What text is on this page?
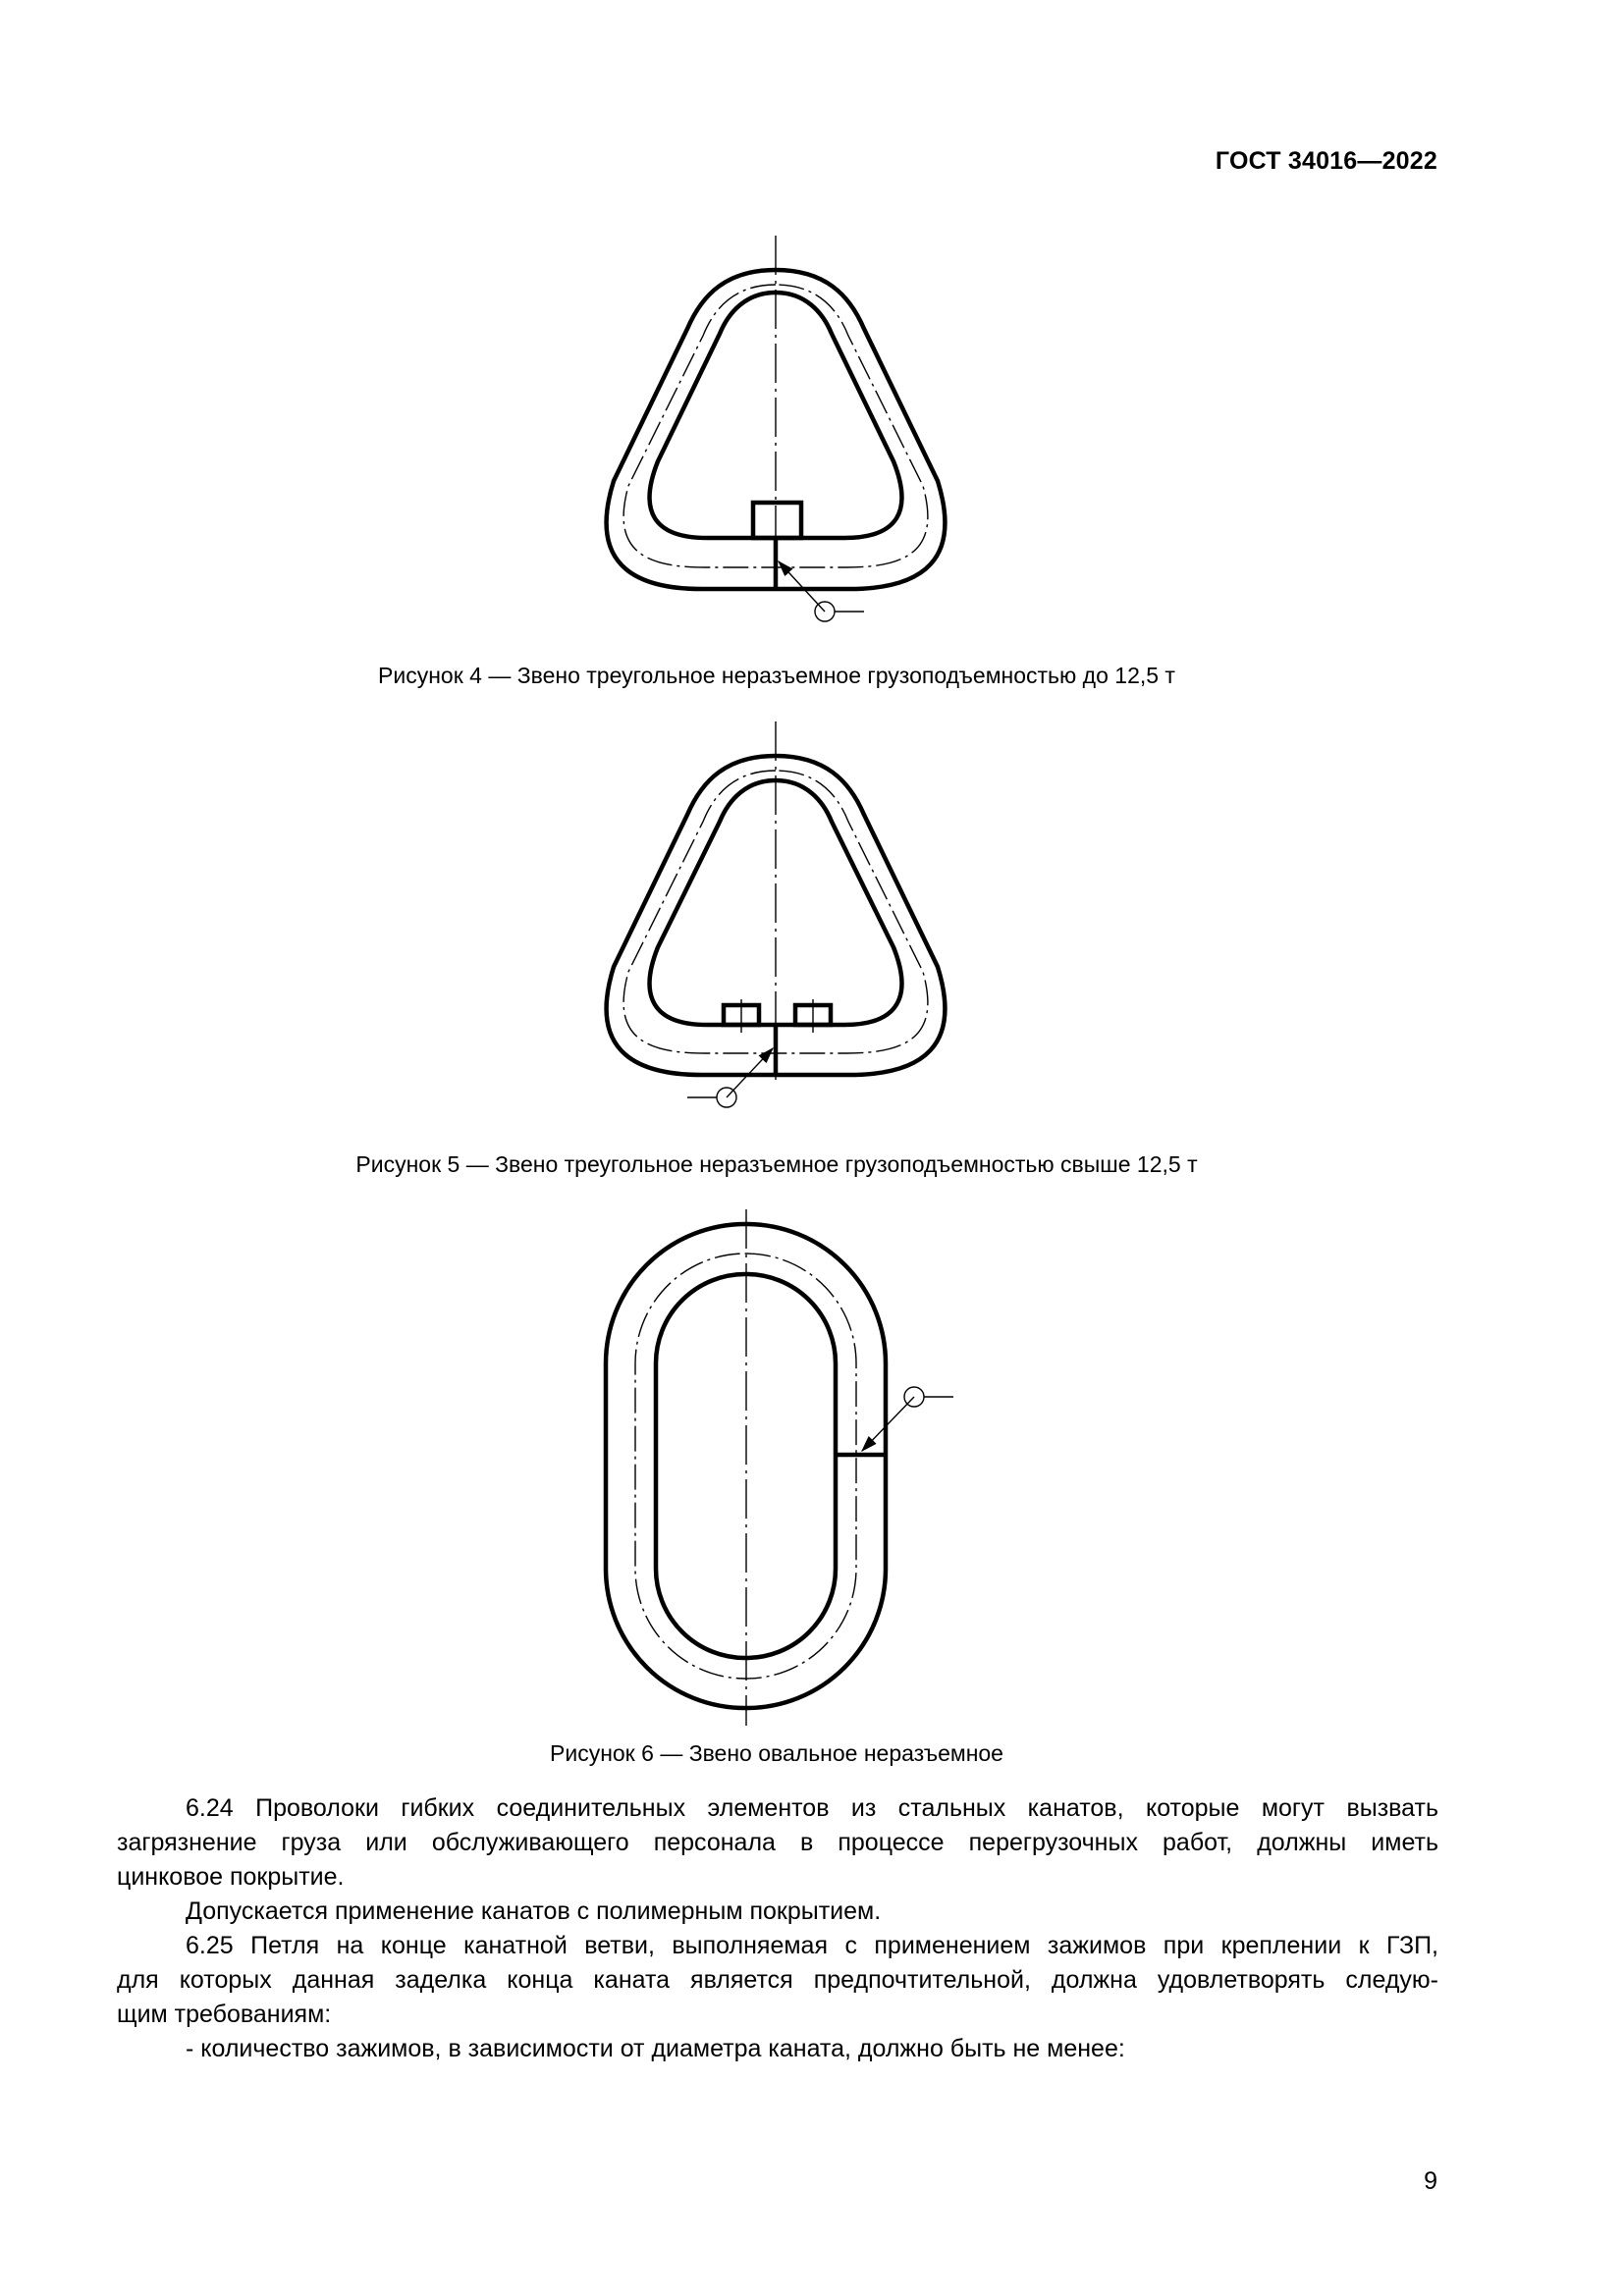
ГОСТ 34016—2022
Рисунок 4 — Звено треугольное неразъемное грузоподъемностью до 12,5 т
Рисунок 5 — Звено треугольное неразъемное грузоподъемностью свыше 12,5 т
Рисунок 6 — Звено овальное неразъемное

6.24 Проволоки гибких соединительных элементов из стальных канатов, которые могут вызвать

загрязнение груза или обслуживающего персонала в процессе перегрузочных работ, должны иметь

цинковое покрытие.

Допускается применение канатов с полимерным покрытием.

6.25 Петля на конце канатной ветви, выполняемая с применением зажимов при креплении к ГЗП,

для которых данная заделка конца каната является предпочтительной, должна удовлетворять следую-

щим требованиям:

- количество зажимов, в зависимости от диаметра каната, должно быть не менее:

9
